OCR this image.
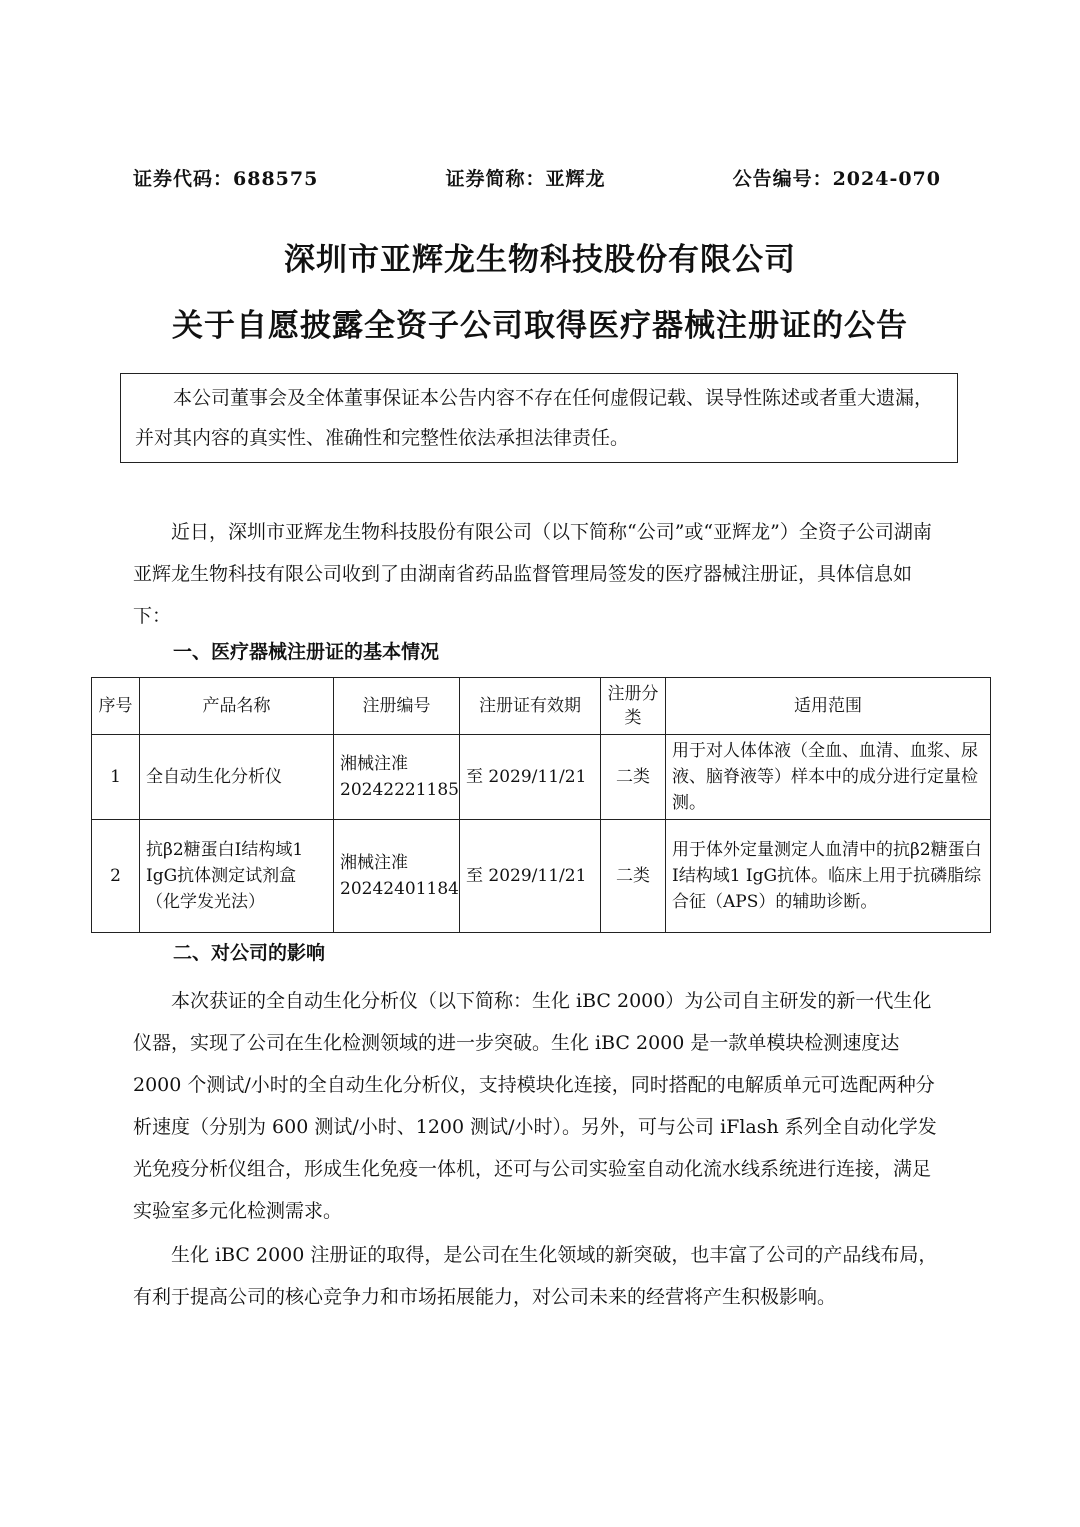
证券代码：688575	证券简称：亚辉龙	公告编号：2024-070
深圳市亚辉龙生物科技股份有限公司
关于自愿披露全资子公司取得医疗器械注册证的公告

本公司董事会及全体董事保证本公告内容不存在任何虚假记载、误导性陈述或者重大遗漏，并对其内容的真实性、准确性和完整性依法承担法律责任。

近日，深圳市亚辉龙生物科技股份有限公司（以下简称“公司”或“亚辉龙”）全资子公司湖南亚辉龙生物科技有限公司收到了由湖南省药品监督管理局签发的医疗器械注册证，具体信息如下：

一、医疗器械注册证的基本情况
序号	产品名称	注册编号	注册证有效期	注册分类	适用范围
1	全自动生化分析仪	湘械注准20242221185	至 2029/11/21	二类	用于对人体体液（全血、血清、血浆、尿液、脑脊液等）样本中的成分进行定量检测。
2	抗β2糖蛋白Ⅰ结构域1 IgG抗体测定试剂盒（化学发光法）	湘械注准20242401184	至 2029/11/21	二类	用于体外定量测定人血清中的抗β2糖蛋白Ⅰ结构域1 IgG抗体。临床上用于抗磷脂综合征（APS）的辅助诊断。
二、对公司的影响

本次获证的全自动生化分析仪（以下简称：生化 iBC 2000）为公司自主研发的新一代生化仪器，实现了公司在生化检测领域的进一步突破。生化 iBC 2000 是一款单模块检测速度达 2000 个测试/小时的全自动生化分析仪，支持模块化连接，同时搭配的电解质单元可选配两种分析速度（分别为 600 测试/小时、1200 测试/小时）。另外，可与公司 iFlash 系列全自动化学发光免疫分析仪组合，形成生化免疫一体机，还可与公司实验室自动化流水线系统进行连接，满足实验室多元化检测需求。

生化 iBC 2000 注册证的取得，是公司在生化领域的新突破，也丰富了公司的产品线布局，有利于提高公司的核心竞争力和市场拓展能力，对公司未来的经营将产生积极影响。
